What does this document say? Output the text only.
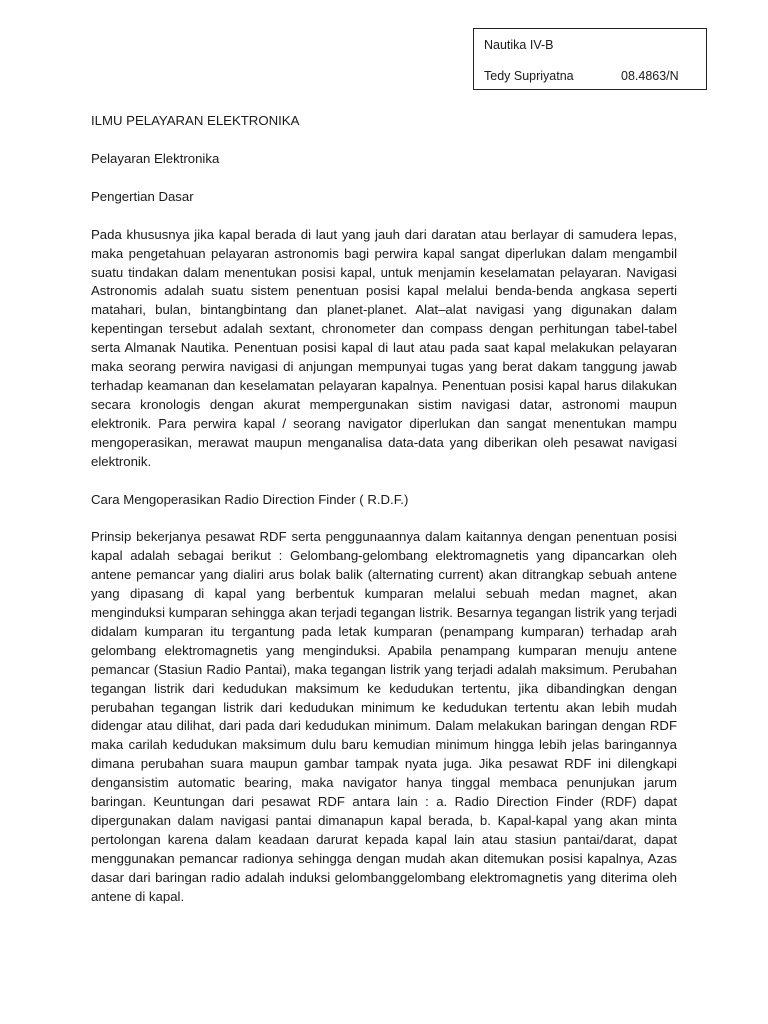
Nautika IV-B
Tedy Supriyatna	08.4863/N

ILMU PELAYARAN ELEKTRONIKA

Pelayaran Elektronika

Pengertian Dasar

Pada khususnya jika kapal berada di laut yang jauh dari daratan atau berlayar di samudera lepas, maka pengetahuan pelayaran astronomis bagi perwira kapal sangat diperlukan dalam mengambil suatu tindakan dalam menentukan posisi kapal, untuk menjamin keselamatan pelayaran. Navigasi Astronomis adalah suatu sistem penentuan posisi kapal melalui benda-benda angkasa seperti matahari, bulan, bintangbintang dan planet-planet. Alat–alat navigasi yang digunakan dalam kepentingan tersebut adalah sextant, chronometer dan compass dengan perhitungan tabel-tabel serta Almanak Nautika. Penentuan posisi kapal di laut atau pada saat kapal melakukan pelayaran maka seorang perwira navigasi di anjungan mempunyai tugas yang berat dakam tanggung jawab terhadap keamanan dan keselamatan pelayaran kapalnya. Penentuan posisi kapal harus dilakukan secara kronologis dengan akurat mempergunakan sistim navigasi datar, astronomi maupun elektronik. Para perwira kapal / seorang navigator diperlukan dan sangat menentukan mampu mengoperasikan, merawat maupun menganalisa data-data yang diberikan oleh pesawat navigasi elektronik.

Cara Mengoperasikan Radio Direction Finder ( R.D.F.)

Prinsip bekerjanya pesawat RDF serta penggunaannya dalam kaitannya dengan penentuan posisi kapal adalah sebagai berikut : Gelombang-gelombang elektromagnetis yang dipancarkan oleh antene pemancar yang dialiri arus bolak balik (alternating current) akan ditrangkap sebuah antene yang dipasang di kapal yang berbentuk kumparan melalui sebuah medan magnet, akan menginduksi kumparan sehingga akan terjadi tegangan listrik. Besarnya tegangan listrik yang terjadi didalam kumparan itu tergantung pada letak kumparan (penampang kumparan) terhadap arah gelombang elektromagnetis yang menginduksi. Apabila penampang kumparan menuju antene pemancar (Stasiun Radio Pantai), maka tegangan listrik yang terjadi adalah maksimum. Perubahan tegangan listrik dari kedudukan maksimum ke kedudukan tertentu, jika dibandingkan dengan perubahan tegangan listrik dari kedudukan minimum ke kedudukan tertentu akan lebih mudah didengar atau dilihat, dari pada dari kedudukan minimum. Dalam melakukan baringan dengan RDF maka carilah kedudukan maksimum dulu baru kemudian minimum hingga lebih jelas baringannya dimana perubahan suara maupun gambar tampak nyata juga. Jika pesawat RDF ini dilengkapi dengansistim automatic bearing, maka navigator hanya tinggal membaca penunjukan jarum baringan. Keuntungan dari pesawat RDF antara lain : a. Radio Direction Finder (RDF) dapat dipergunakan dalam navigasi pantai dimanapun kapal berada, b. Kapal-kapal yang akan minta pertolongan karena dalam keadaan darurat kepada kapal lain atau stasiun pantai/darat, dapat menggunakan pemancar radionya sehingga dengan mudah akan ditemukan posisi kapalnya, Azas dasar dari baringan radio adalah induksi gelombanggelombang elektromagnetis yang diterima oleh antene di kapal.
